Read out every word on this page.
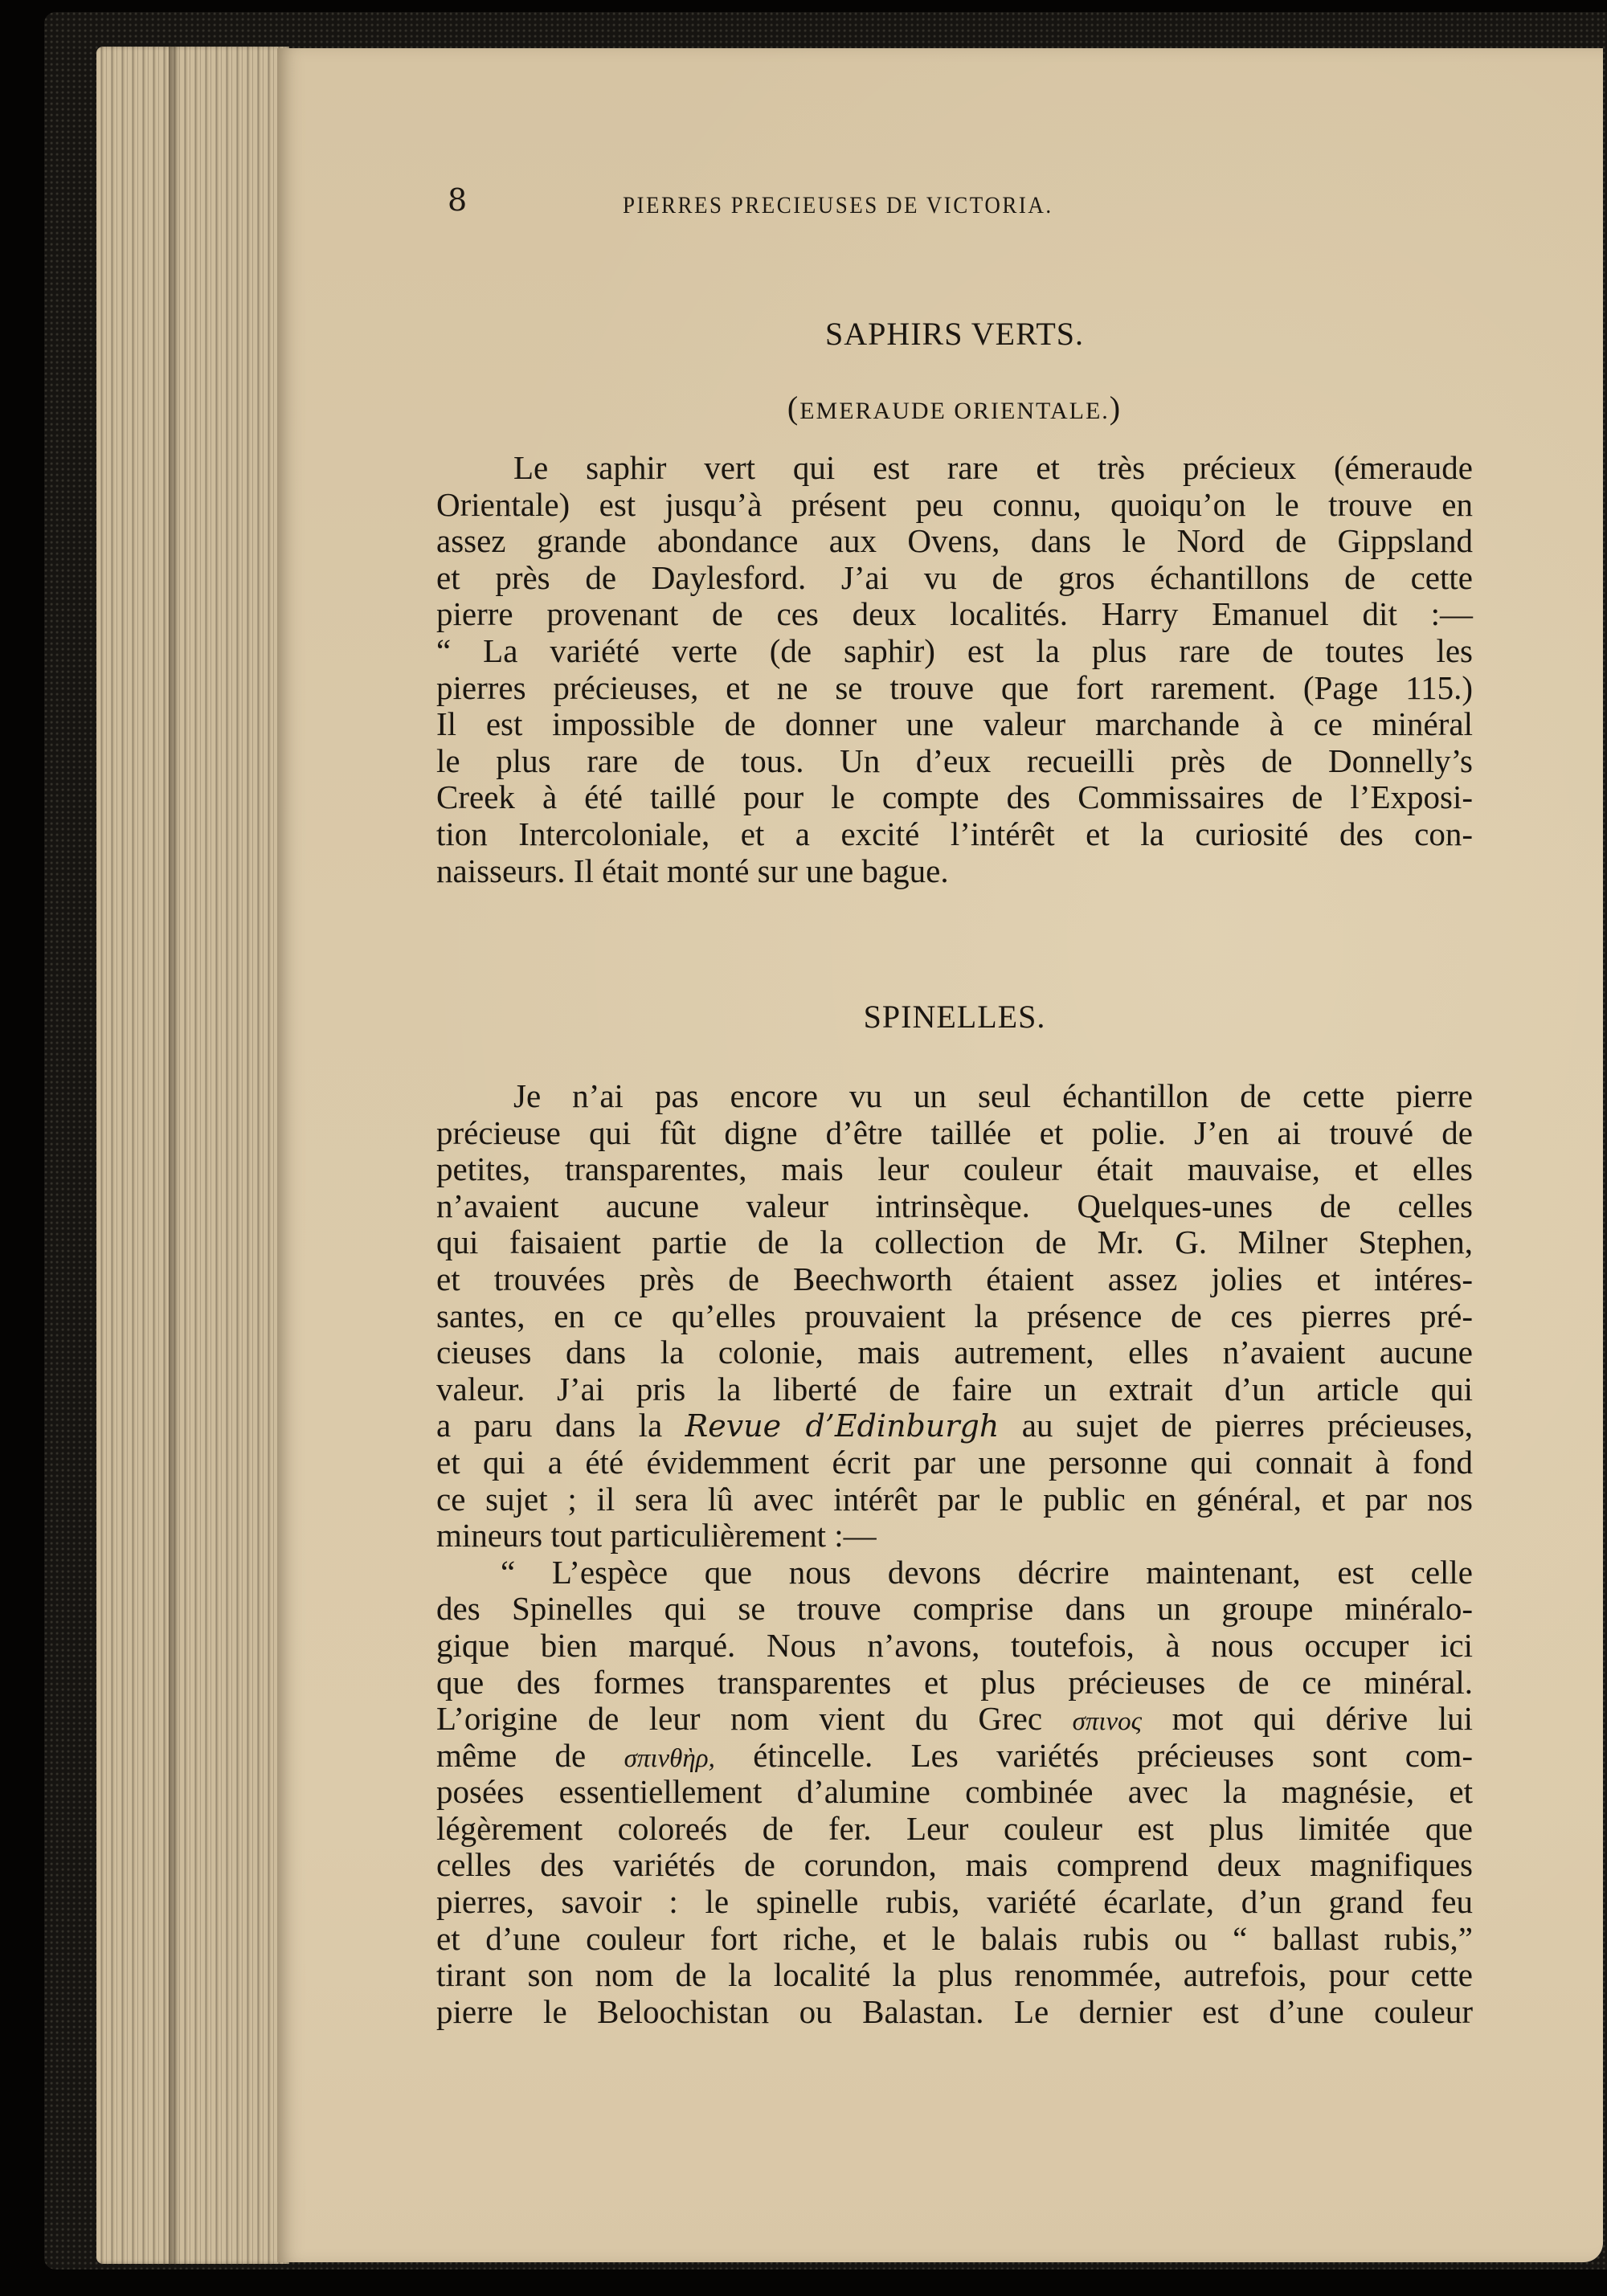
8	PIERRES PRECIEUSES DE VICTORIA.
SAPHIRS VERTS.
(EMERAUDE ORIENTALE.)
Le saphir vert qui est rare et très précieux (émeraude
Orientale) est jusqu’à présent peu connu, quoiqu’on le trouve en
assez grande abondance aux Ovens, dans le Nord de Gippsland
et près de Daylesford. J’ai vu de gros échantillons de cette
pierre provenant de ces deux localités. Harry Emanuel dit :—
“ La variété verte (de saphir) est la plus rare de toutes les
pierres précieuses, et ne se trouve que fort rarement. (Page 115.)
Il est impossible de donner une valeur marchande à ce minéral
le plus rare de tous. Un d’eux recueilli près de Donnelly’s
Creek à été taillé pour le compte des Commissaires de l’Exposi-
tion Intercoloniale, et a excité l’intérêt et la curiosité des con-
naisseurs. Il était monté sur une bague.
SPINELLES.
Je n’ai pas encore vu un seul échantillon de cette pierre
précieuse qui fût digne d’être taillée et polie. J’en ai trouvé de
petites, transparentes, mais leur couleur était mauvaise, et elles
n’avaient aucune valeur intrinsèque. Quelques-unes de celles
qui faisaient partie de la collection de Mr. G. Milner Stephen,
et trouvées près de Beechworth étaient assez jolies et intéres-
santes, en ce qu’elles prouvaient la présence de ces pierres pré-
cieuses dans la colonie, mais autrement, elles n’avaient aucune
valeur. J’ai pris la liberté de faire un extrait d’un article qui
a paru dans la Revue d’Edinburgh au sujet de pierres précieuses,
et qui a été évidemment écrit par une personne qui connait à fond
ce sujet ; il sera lû avec intérêt par le public en général, et par nos
mineurs tout particulièrement :—
“ L’espèce que nous devons décrire maintenant, est celle
des Spinelles qui se trouve comprise dans un groupe minéralo-
gique bien marqué. Nous n’avons, toutefois, à nous occuper ici
que des formes transparentes et plus précieuses de ce minéral.
L’origine de leur nom vient du Grec σπινος mot qui dérive lui
même de σπινθὴρ, étincelle. Les variétés précieuses sont com-
posées essentiellement d’alumine combinée avec la magnésie, et
légèrement coloreés de fer. Leur couleur est plus limitée que
celles des variétés de corundon, mais comprend deux magnifiques
pierres, savoir : le spinelle rubis, variété écarlate, d’un grand feu
et d’une couleur fort riche, et le balais rubis ou “ ballast rubis,”
tirant son nom de la localité la plus renommée, autrefois, pour cette
pierre le Beloochistan ou Balastan. Le dernier est d’une couleur
